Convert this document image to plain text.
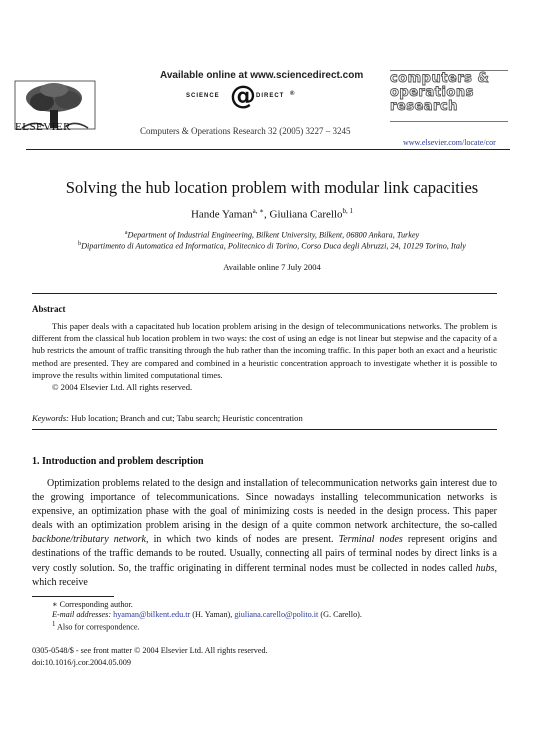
ELSEVIER
Available online at www.sciencedirect.com
SCIENCE @ DIRECT ®
Computers & Operations Research 32 (2005) 3227 – 3245
computers &
operations
research
www.elsevier.com/locate/cor
Solving the hub location problem with modular link capacities
Hande Yaman$^{a, ∗}$, Giuliana Carello$^{b, 1}$
$^a$Department of Industrial Engineering, Bilkent University, Bilkent, 06800 Ankara, Turkey
$^b$Dipartimento di Automatica ed Informatica, Politecnico di Torino, Corso Duca degli Abruzzi, 24, 10129 Torino, Italy
Available online 7 July 2004
Abstract

This paper deals with a capacitated hub location problem arising in the design of telecommunications networks. The problem is different from the classical hub location problem in two ways: the cost of using an edge is not linear but stepwise and the capacity of a hub restricts the amount of traffic transiting through the hub rather than the incoming traffic. In this paper both an exact and a heuristic method are presented. They are compared and combined in a heuristic concentration approach to investigate whether it is possible to improve the results within limited computational times.

© 2004 Elsevier Ltd. All rights reserved.

Keywords: Hub location; Branch and cut; Tabu search; Heuristic concentration
1. Introduction and problem description

Optimization problems related to the design and installation of telecommunication networks gain interest due to the growing importance of telecommunications. Since nowadays installing telecommunication networks is expensive, an optimization phase with the goal of minimizing costs is needed in the design process. This paper deals with an optimization problem arising in the design of a quite common network architecture, the so-called backbone/tributary network, in which two kinds of nodes are present. Terminal nodes represent origins and destinations of the traffic demands to be routed. Usually, connecting all pairs of terminal nodes by direct links is a very costly solution. So, the traffic originating in different terminal nodes must be collected in nodes called hubs, which receive

∗ Corresponding author.
E-mail addresses: hyaman@bilkent.edu.tr (H. Yaman), giuliana.carello@polito.it (G. Carello).
$^1$ Also for correspondence.
0305-0548/$ - see front matter © 2004 Elsevier Ltd. All rights reserved.
doi:10.1016/j.cor.2004.05.009
